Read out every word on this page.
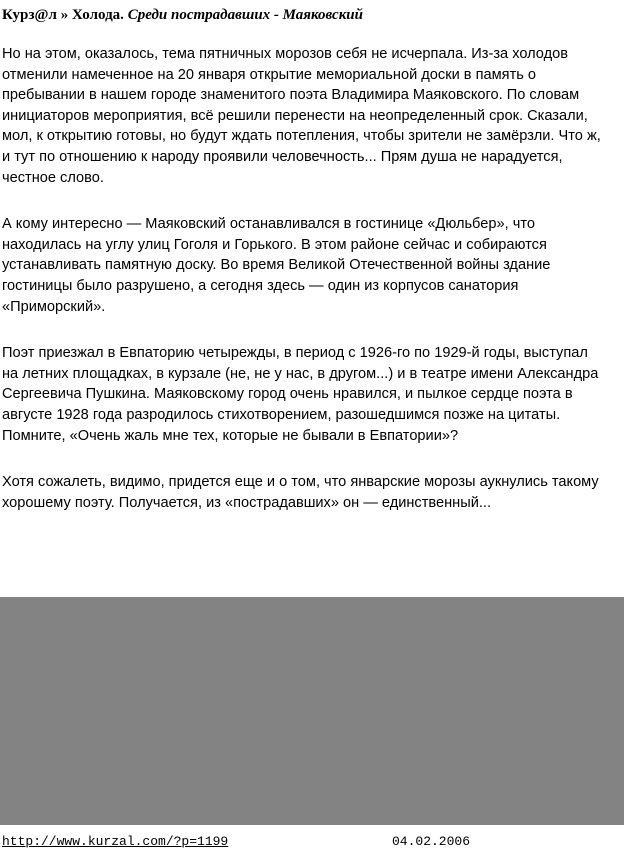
Курз@л » Холода. Среди пострадавших - Маяковский

Но на этом, оказалось, тема пятничных морозов себя не исчерпала. Из-за холодов отменили намеченное на 20 января открытие мемориальной доски в память о пребывании в нашем городе знаменитого поэта Владимира Маяковского. По словам инициаторов мероприятия, всё решили перенести на неопределенный срок. Сказали, мол, к открытию готовы, но будут ждать потепления, чтобы зрители не замёрзли. Что ж, и тут по отношению к народу проявили человечность... Прям душа не нарадуется, честное слово.

А кому интересно — Маяковский останавливался в гостинице «Дюльбер», что находилась на углу улиц Гоголя и Горького. В этом районе сейчас и собираются устанавливать памятную доску. Во время Великой Отечественной войны здание гостиницы было разрушено, а сегодня здесь — один из корпусов санатория «Приморский».

Поэт приезжал в Евпаторию четырежды, в период с 1926-го по 1929-й годы, выступал на летних площадках, в курзале (не, не у нас, в другом...) и в театре имени Александра Сергеевича Пушкина. Маяковскому город очень нравился, и пылкое сердце поэта в августе 1928 года разродилось стихотворением, разошедшимся позже на цитаты. Помните, «Очень жаль мне тех, которые не бывали в Евпатории»?

Хотя сожалеть, видимо, придется еще и о том, что январские морозы аукнулись такому хорошему поэту. Получается, из «пострадавших» он — единственный...

http://www.kurzal.com/?p=1199	04.02.2006
